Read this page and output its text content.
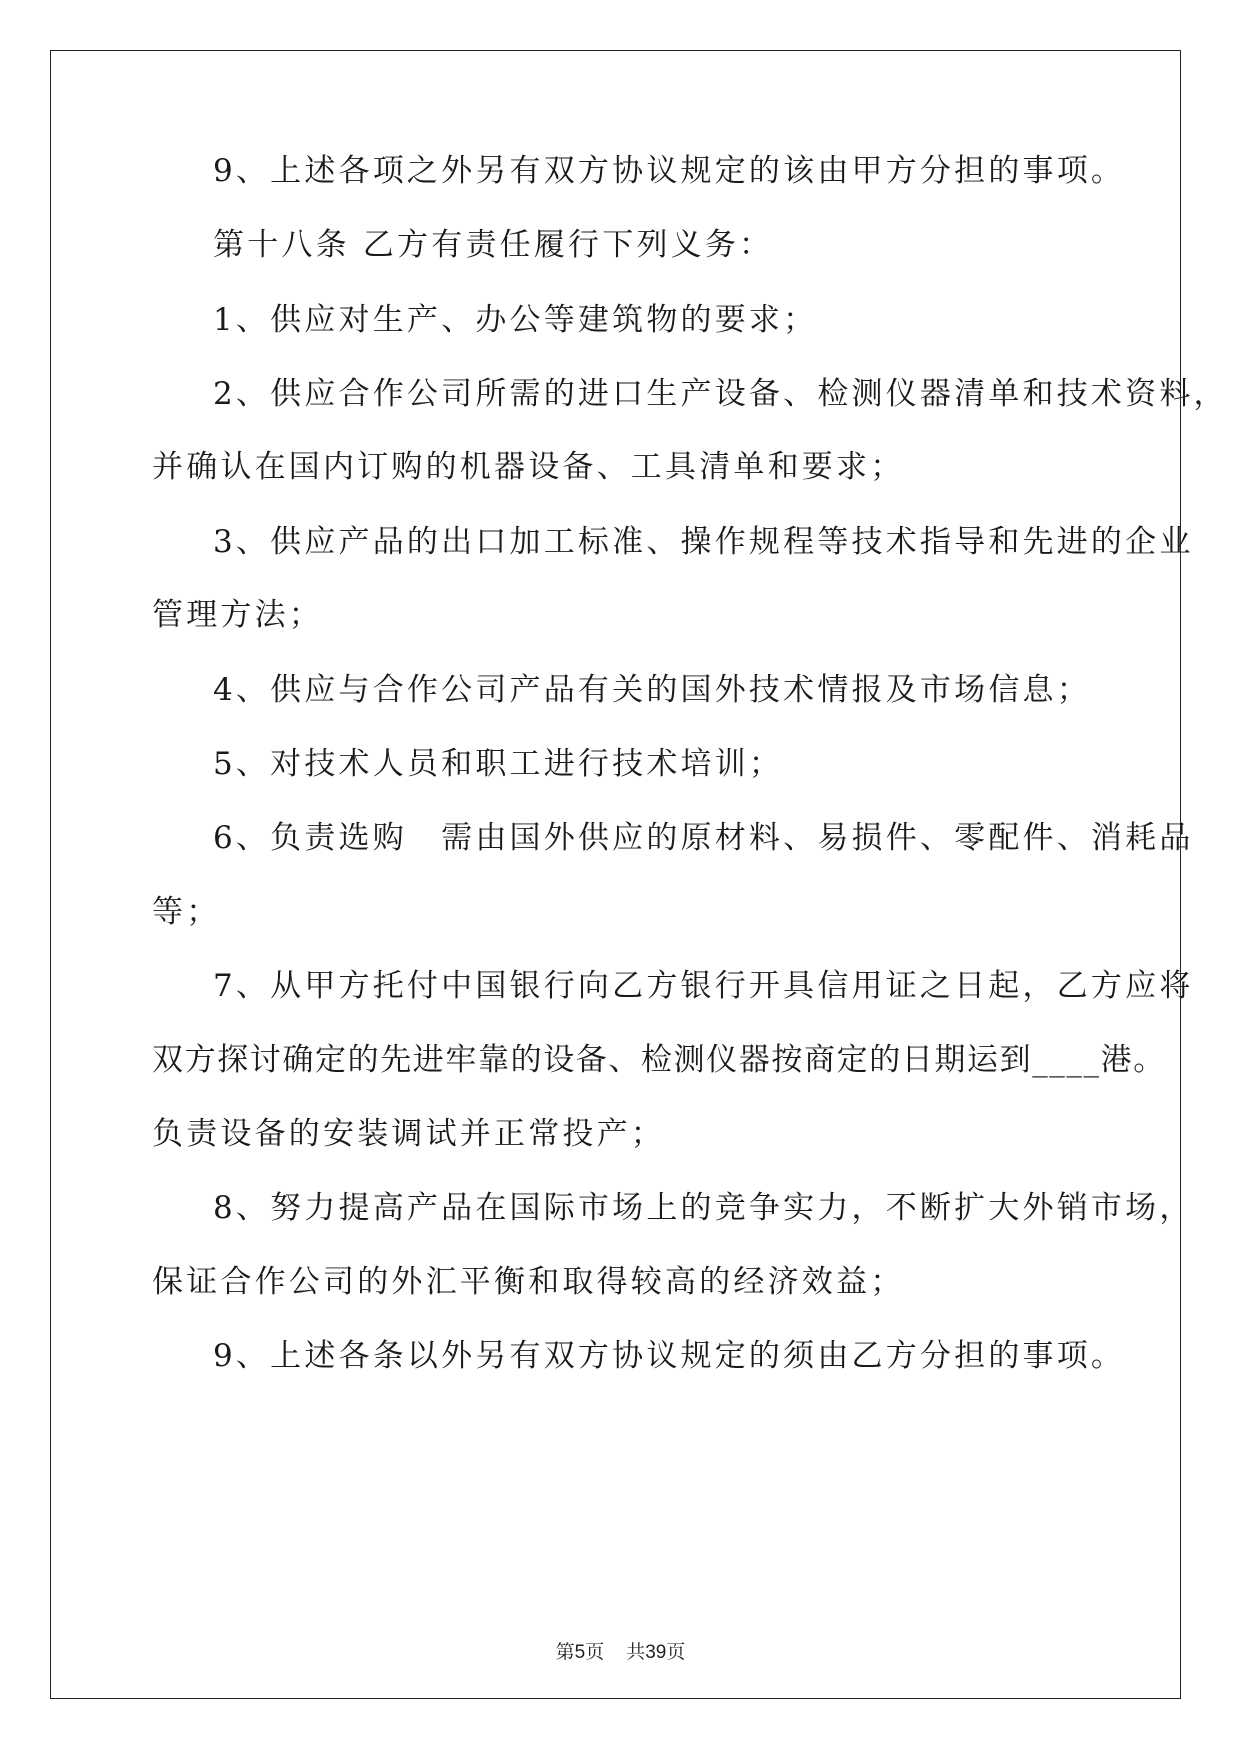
9、上述各项之外另有双方协议规定的该由甲方分担的事项。
第十八条 乙方有责任履行下列义务：
1、供应对生产、办公等建筑物的要求；
2、供应合作公司所需的进口生产设备、检测仪器清单和技术资料，
并确认在国内订购的机器设备、工具清单和要求；
3、供应产品的出口加工标准、操作规程等技术指导和先进的企业
管理方法；
4、供应与合作公司产品有关的国外技术情报及市场信息；
5、对技术人员和职工进行技术培训；
6、负责选购　需由国外供应的原材料、易损件、零配件、消耗品
等；
7、从甲方托付中国银行向乙方银行开具信用证之日起，乙方应将
双方探讨确定的先进牢靠的设备、检测仪器按商定的日期运到____港。
负责设备的安装调试并正常投产；
8、努力提高产品在国际市场上的竞争实力，不断扩大外销市场，
保证合作公司的外汇平衡和取得较高的经济效益；
9、上述各条以外另有双方协议规定的须由乙方分担的事项。
第5页 共39页
